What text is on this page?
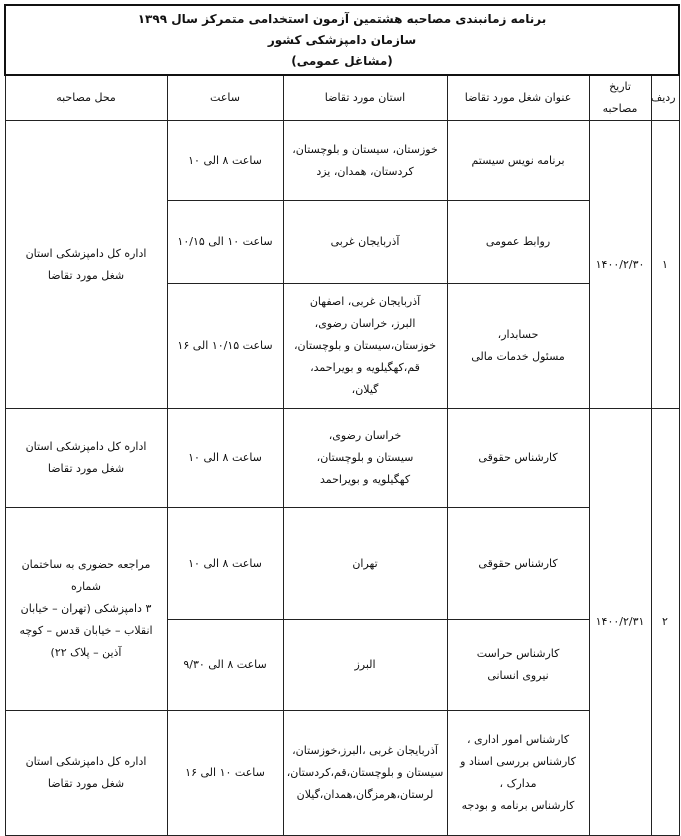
برنامه زمانبندی مصاحبه هشتمین آزمون استخدامی متمرکز سال ۱۳۹۹
سازمان دامپزشکی کشور
(مشاغل عمومی)					
ردیف	تاریخ مصاحبه	عنوان شغل مورد تقاضا	استان مورد تقاضا	ساعت	محل مصاحبه
۱	۱۴۰۰/۲/۳۰	برنامه نویس سیستم	خوزستان، سیستان و بلوچستان،
کردستان، همدان، یزد	ساعت ۸ الی ۱۰	اداره کل دامپزشکی استان
شغل مورد تقاضا
		روابط عمومی	آذربایجان غربی	ساعت ۱۰ الی ۱۰/۱۵	
		حسابدار،
مسئول خدمات مالی	آذربایجان غربی، اصفهان
البرز، خراسان رضوی،
خوزستان،سیستان و بلوچستان،
قم،کهگیلویه و بویراحمد،
گیلان،	ساعت ۱۰/۱۵ الی ۱۶	
۲	۱۴۰۰/۲/۳۱	کارشناس حقوقی	خراسان رضوی،
سیستان و بلوچستان،
کهگیلویه و بویراحمد	ساعت ۸ الی ۱۰	اداره کل دامپزشکی استان
شغل مورد تقاضا
		کارشناس حقوقی	تهران	ساعت ۸ الی ۱۰	مراجعه حضوری به ساختمان شماره
۳ دامپزشکی (تهران – خیابان
انقلاب – خیابان قدس – کوچه
آذین – پلاک ۲۲)
		کارشناس حراست
نیروی انسانی	البرز	ساعت ۸ الی ۹/۳۰	
		کارشناس امور اداری ،
کارشناس بررسی اسناد و
مدارک ،
کارشناس برنامه و بودجه	آذربایجان غربی ،البرز،خوزستان،
سیستان و بلوچستان،قم،کردستان،
لرستان،هرمزگان،همدان،گیلان	ساعت ۱۰ الی ۱۶	اداره کل دامپزشکی استان
شغل مورد تقاضا
